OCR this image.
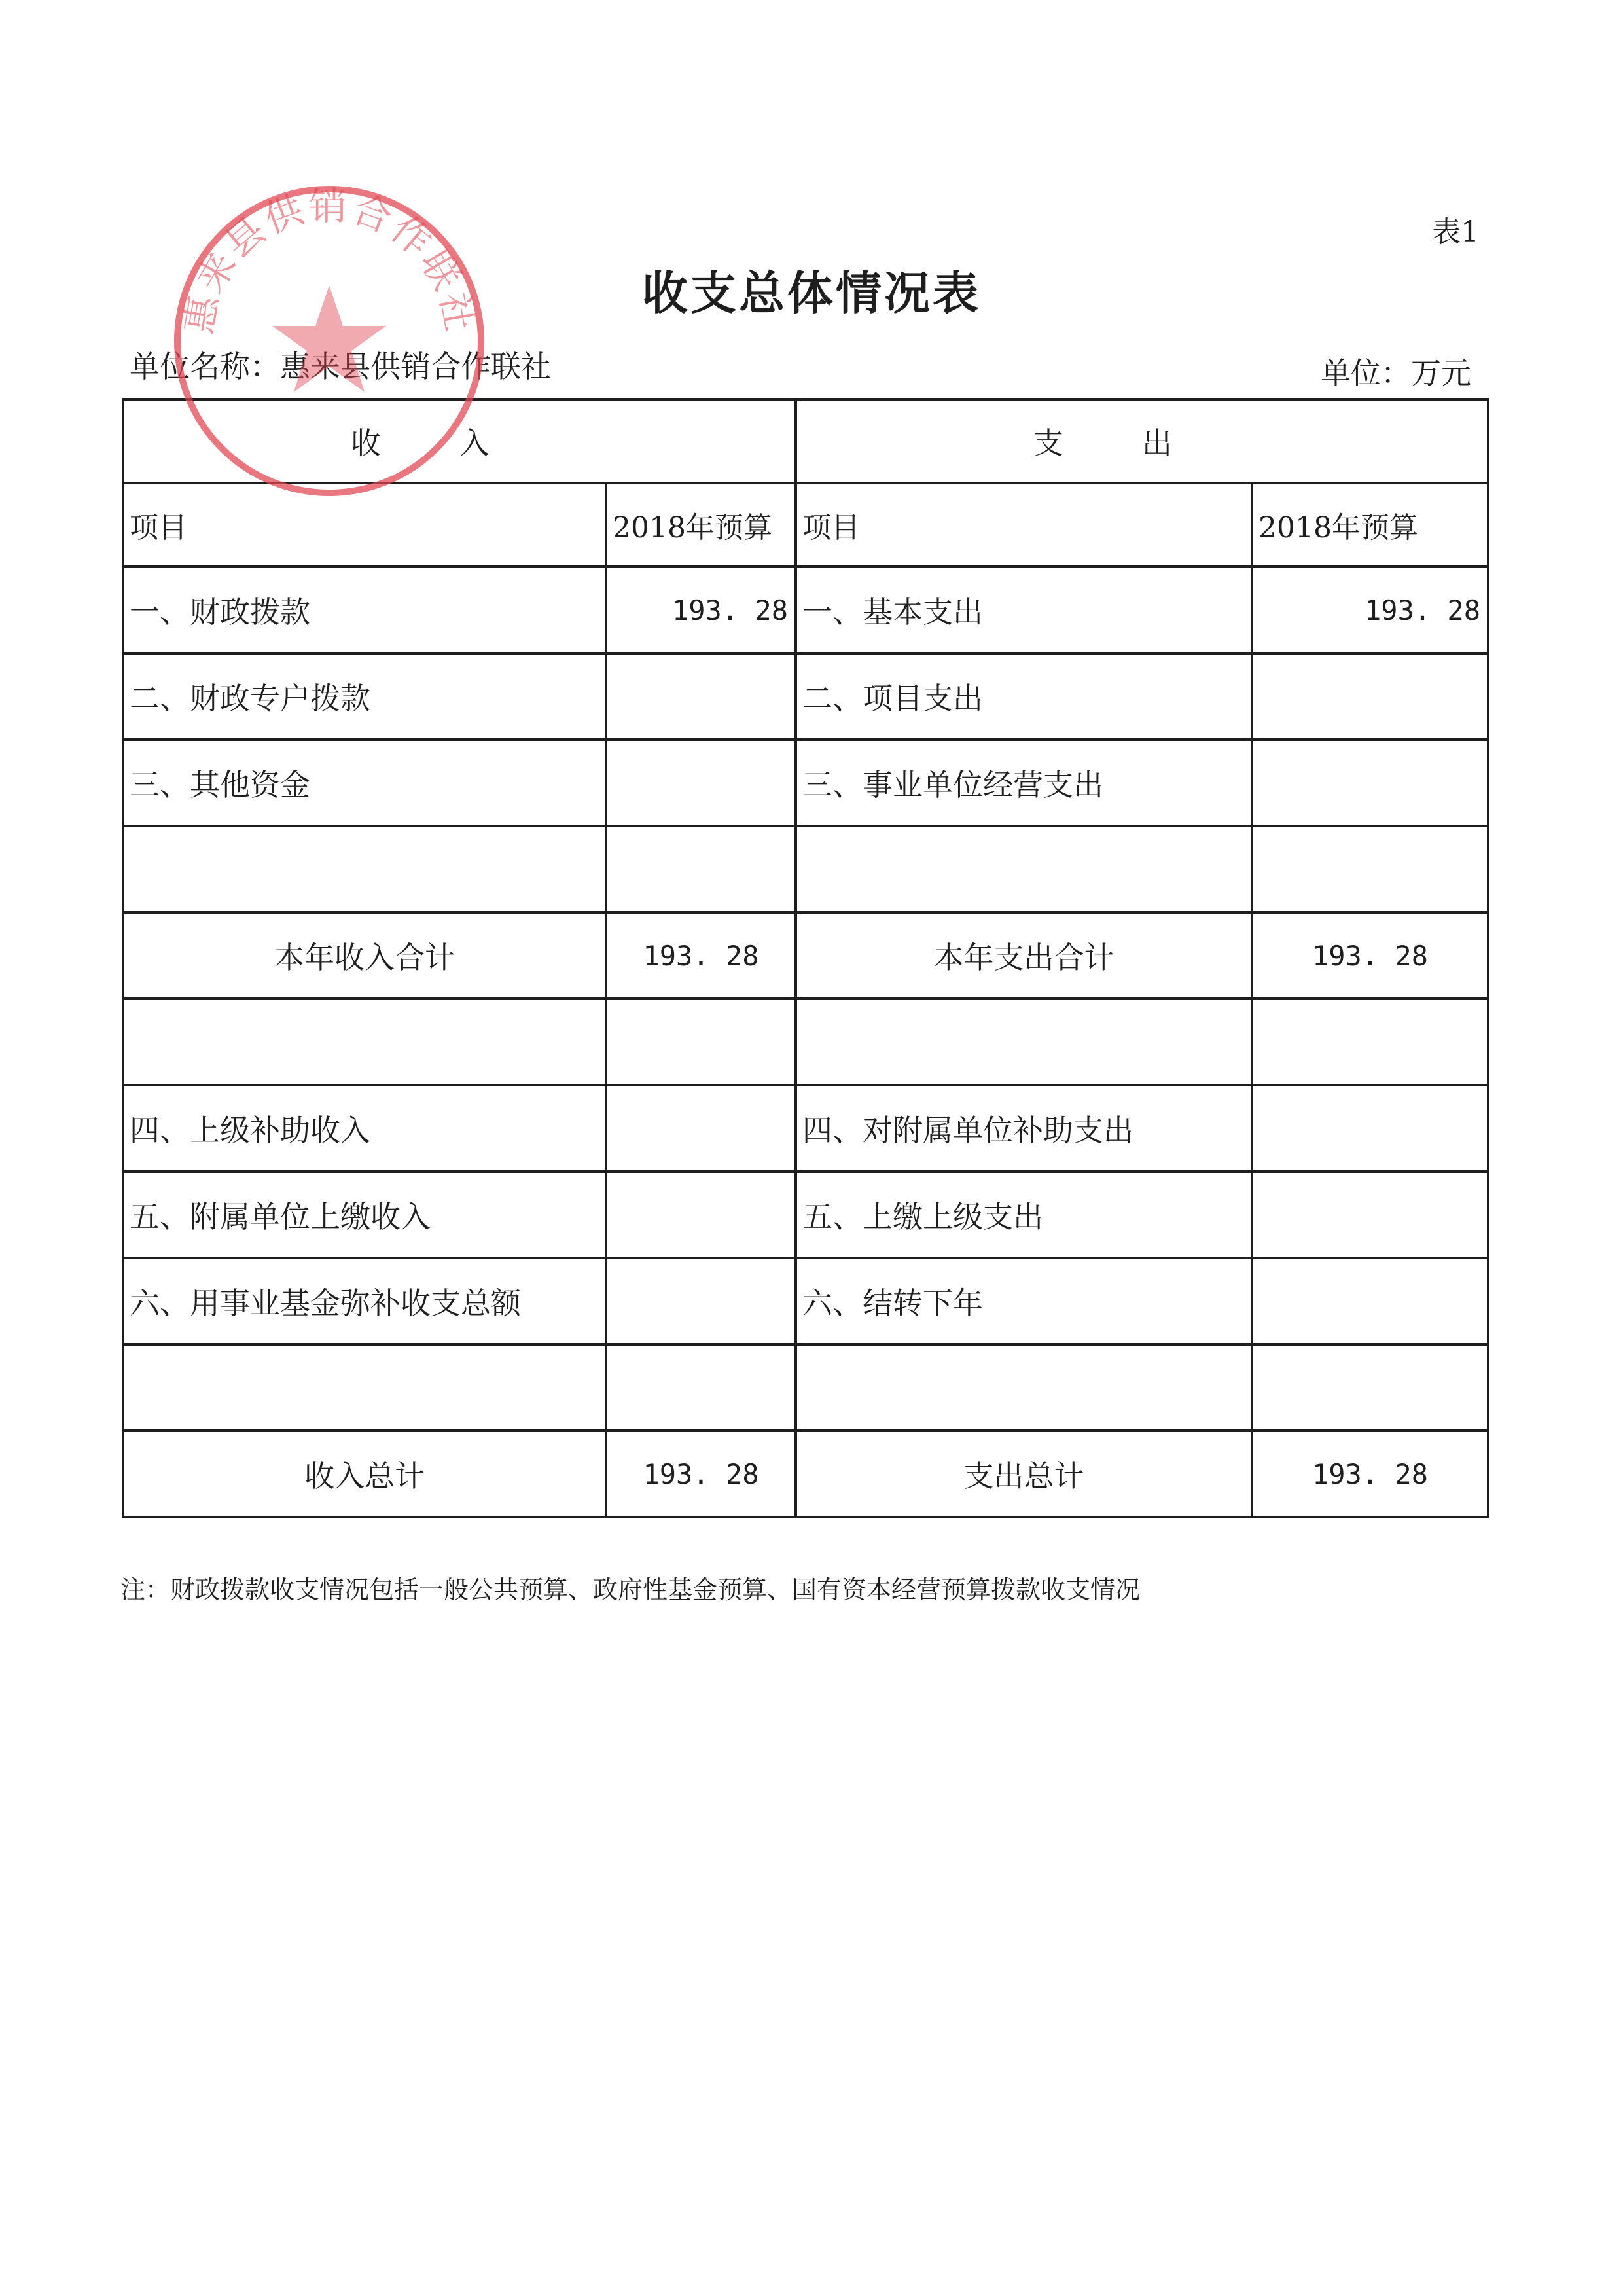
表1
收支总体情况表
单位名称：惠来县供销合作联社	单位：万元
收入		支出	
项目	2018年预算	项目	2018年预算
一、财政拨款	193. 28	一、基本支出	193. 28
二、财政专户拨款		二、项目支出	
三、其他资金		三、事业单位经营支出	

本年收入合计	193. 28	本年支出合计	193. 28

四、上级补助收入		四、对附属单位补助支出	
五、附属单位上缴收入		五、上缴上级支出	
六、用事业基金弥补收支总额		六、结转下年	

收入总计	193. 28	支出总计	193. 28
注：财政拨款收支情况包括一般公共预算、政府性基金预算、国有资本经营预算拨款收支情况
惠来县供销合作联社
